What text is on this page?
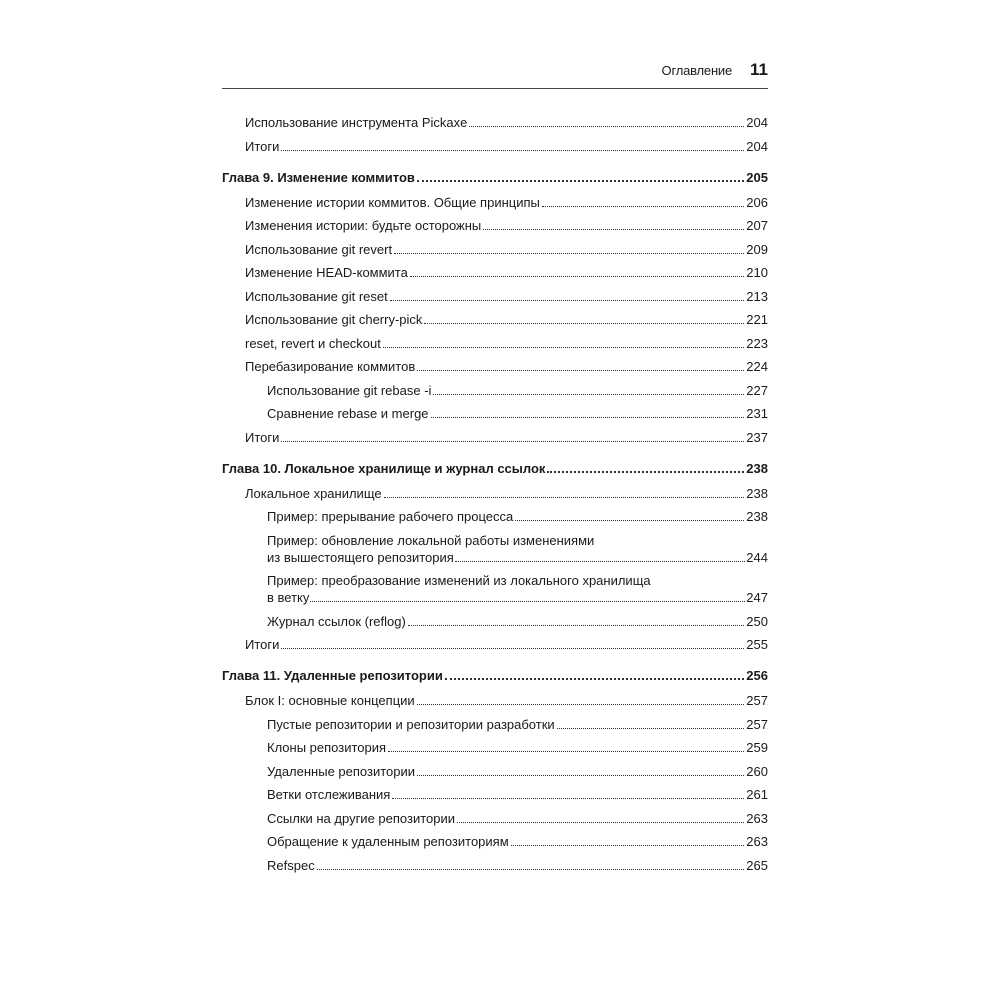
Оглавление 11
Использование инструмента Pickaxe	204
Итоги	204
Глава 9. Изменение коммитов	205
Изменение истории коммитов. Общие принципы	206
Изменения истории: будьте осторожны	207
Использование git revert	209
Изменение HEAD-коммита	210
Использование git reset	213
Использование git cherry-pick	221
reset, revert и checkout	223
Перебазирование коммитов	224
Использование git rebase -i	227
Сравнение rebase и merge	231
Итоги	237
Глава 10. Локальное хранилище и журнал ссылок	238
Локальное хранилище	238
Пример: прерывание рабочего процесса	238
Пример: обновление локальной работы изменениями
из вышестоящего репозитория	244
Пример: преобразование изменений из локального хранилища
в ветку	247
Журнал ссылок (reflog)	250
Итоги	255
Глава 11. Удаленные репозитории	256
Блок I: основные концепции	257
Пустые репозитории и репозитории разработки	257
Клоны репозитория	259
Удаленные репозитории	260
Ветки отслеживания	261
Ссылки на другие репозитории	263
Обращение к удаленным репозиториям	263
Refspec	265
